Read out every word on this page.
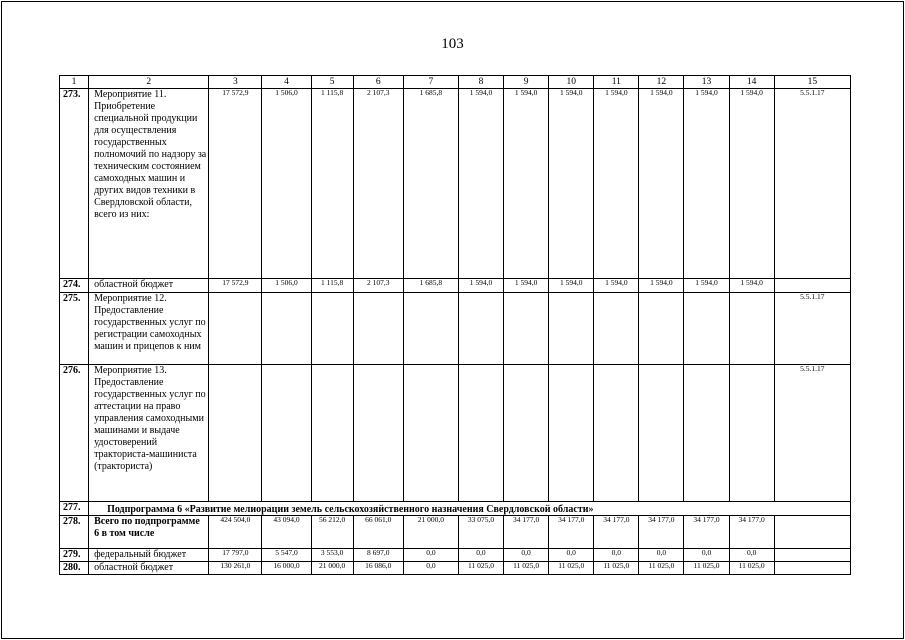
103
1	2	3	4	5	6	7	8	9	10	11	12	13	14	15
273.	Мероприятие 11. Приобретение специальной продукции для осуществления государственных полномочий по надзору за техническим состоянием самоходных машин и других видов техники в Свердловской области, всего из них:	17 572,9	1 506,0	1 115,8	2 107,3	1 685,8	1 594,0	1 594,0	1 594,0	1 594,0	1 594,0	1 594,0	1 594,0	5.5.1.17
274.	областной бюджет	17 572,9	1 506,0	1 115,8	2 107,3	1 685,8	1 594,0	1 594,0	1 594,0	1 594,0	1 594,0	1 594,0	1 594,0	
275.	Мероприятие 12. Предоставление государственных услуг по регистрации самоходных машин и прицепов к ним													5.5.1.17
276.	Мероприятие 13. Предоставление государственных услуг по аттестации на право управления самоходными машинами и выдаче удостоверений тракториста-машиниста (тракториста)													5.5.1.17
277.	Подпрограмма 6 «Развитие мелиорации земель сельскохозяйственного назначения Свердловской области»													
278.	Всего по подпрограмме 6 в том числе	424 504,0	43 094,0	56 212,0	66 061,0	21 000,0	33 075,0	34 177,0	34 177,0	34 177,0	34 177,0	34 177,0	34 177,0	
279.	федеральный бюджет	17 797,0	5 547,0	3 553,0	8 697,0	0,0	0,0	0,0	0,0	0,0	0,0	0,0	0,0	
280.	областной бюджет	130 261,0	16 000,0	21 000,0	16 086,0	0,0	11 025,0	11 025,0	11 025,0	11 025,0	11 025,0	11 025,0	11 025,0	
